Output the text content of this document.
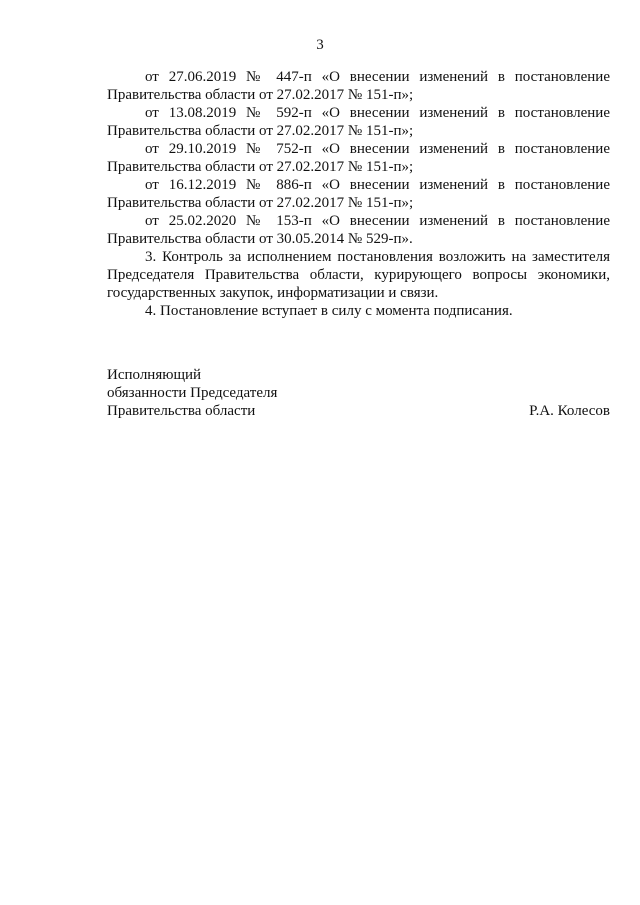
3

от 27.06.2019 № 447-п «О внесении изменений в постановление

Правительства области от 27.02.2017 № 151-п»;

от 13.08.2019 № 592-п «О внесении изменений в постановление

Правительства области от 27.02.2017 № 151-п»;

от 29.10.2019 № 752-п «О внесении изменений в постановление

Правительства области от 27.02.2017 № 151-п»;

от 16.12.2019 № 886-п «О внесении изменений в постановление

Правительства области от 27.02.2017 № 151-п»;

от 25.02.2020 № 153-п «О внесении изменений в постановление

Правительства области от 30.05.2014 № 529-п».

3. Контроль за исполнением постановления возложить на заместителя Председателя Правительства области, курирующего вопросы экономики, государственных закупок, информатизации и связи.

4. Постановление вступает в силу с момента подписания.

Исполняющий

обязанности Председателя

Правительства области	Р.А. Колесов
